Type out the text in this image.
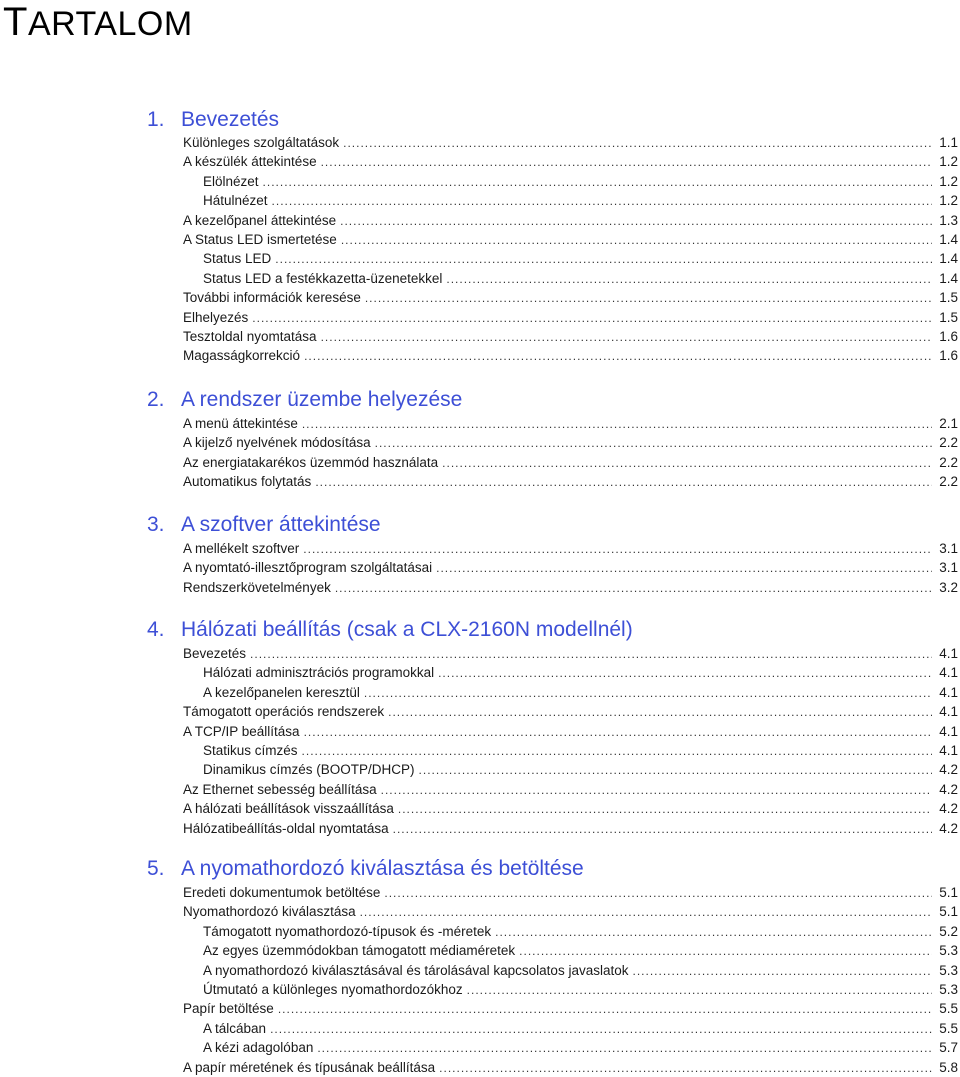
TARTALOM
1. Bevezetés
Különleges szolgáltatások .....	1.1
A készülék áttekintése .....	1.2
Elölnézet .....	1.2
Hátulnézet .....	1.2
A kezelőpanel áttekintése .....	1.3
A Status LED ismertetése .....	1.4
Status LED .....	1.4
Status LED a festékkazetta-üzenetekkel .....	1.4
További információk keresése .....	1.5
Elhelyezés .....	1.5
Tesztoldal nyomtatása .....	1.6
Magasságkorrekció .....	1.6
2. A rendszer üzembe helyezése
A menü áttekintése .....	2.1
A kijelző nyelvének módosítása .....	2.2
Az energiatakarékos üzemmód használata .....	2.2
Automatikus folytatás .....	2.2
3. A szoftver áttekintése
A mellékelt szoftver .....	3.1
A nyomtató-illesztőprogram szolgáltatásai .....	3.1
Rendszerkövetelmények .....	3.2
4. Hálózati beállítás (csak a CLX-2160N modellnél)
Bevezetés .....	4.1
Hálózati adminisztrációs programokkal .....	4.1
A kezelőpanelen keresztül .....	4.1
Támogatott operációs rendszerek .....	4.1
A TCP/IP beállítása .....	4.1
Statikus címzés .....	4.1
Dinamikus címzés (BOOTP/DHCP) .....	4.2
Az Ethernet sebesség beállítása .....	4.2
A hálózati beállítások visszaállítása .....	4.2
Hálózatibeállítás-oldal nyomtatása .....	4.2
5. A nyomathordozó kiválasztása és betöltése
Eredeti dokumentumok betöltése .....	5.1
Nyomathordozó kiválasztása .....	5.1
Támogatott nyomathordozó-típusok és -méretek .....	5.2
Az egyes üzemmódokban támogatott médiaméretek .....	5.3
A nyomathordozó kiválasztásával és tárolásával kapcsolatos javaslatok .....	5.3
Útmutató a különleges nyomathordozókhoz .....	5.3
Papír betöltése .....	5.5
A tálcában .....	5.5
A kézi adagolóban .....	5.7
A papír méretének és típusának beállítása .....	5.8
